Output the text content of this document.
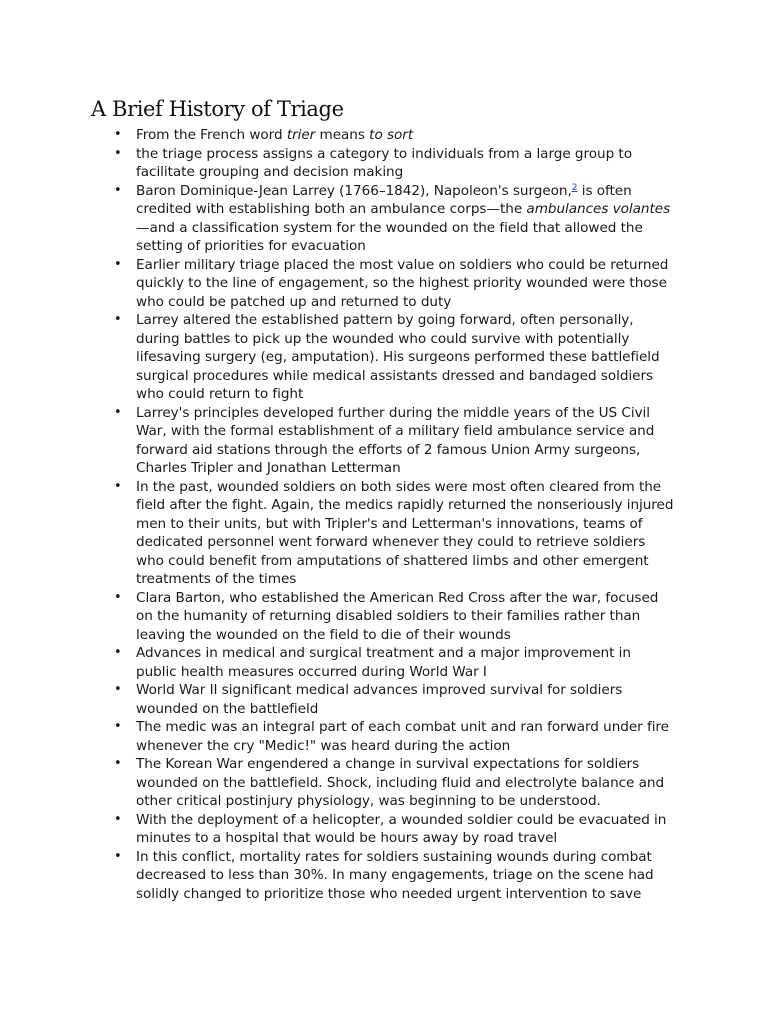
A Brief History of Triage
• From the French word trier means to sort
• the triage process assigns a category to individuals from a large group to facilitate grouping and decision making
• Baron Dominique-Jean Larrey (1766–1842), Napoleon's surgeon,$^2$ is often credited with establishing both an ambulance corps—the ambulances volantes—and a classification system for the wounded on the field that allowed the setting of priorities for evacuation
• Earlier military triage placed the most value on soldiers who could be returned quickly to the line of engagement, so the highest priority wounded were those who could be patched up and returned to duty
• Larrey altered the established pattern by going forward, often personally, during battles to pick up the wounded who could survive with potentially lifesaving surgery (eg, amputation). His surgeons performed these battlefield surgical procedures while medical assistants dressed and bandaged soldiers who could return to fight
• Larrey's principles developed further during the middle years of the US Civil War, with the formal establishment of a military field ambulance service and forward aid stations through the efforts of 2 famous Union Army surgeons, Charles Tripler and Jonathan Letterman
• In the past, wounded soldiers on both sides were most often cleared from the field after the fight. Again, the medics rapidly returned the nonseriously injured men to their units, but with Tripler's and Letterman's innovations, teams of dedicated personnel went forward whenever they could to retrieve soldiers who could benefit from amputations of shattered limbs and other emergent treatments of the times
• Clara Barton, who established the American Red Cross after the war, focused on the humanity of returning disabled soldiers to their families rather than leaving the wounded on the field to die of their wounds
• Advances in medical and surgical treatment and a major improvement in public health measures occurred during World War I
• World War II significant medical advances improved survival for soldiers wounded on the battlefield
• The medic was an integral part of each combat unit and ran forward under fire whenever the cry "Medic!" was heard during the action
• The Korean War engendered a change in survival expectations for soldiers wounded on the battlefield. Shock, including fluid and electrolyte balance and other critical postinjury physiology, was beginning to be understood.
• With the deployment of a helicopter, a wounded soldier could be evacuated in minutes to a hospital that would be hours away by road travel
• In this conflict, mortality rates for soldiers sustaining wounds during combat decreased to less than 30%. In many engagements, triage on the scene had solidly changed to prioritize those who needed urgent intervention to save
